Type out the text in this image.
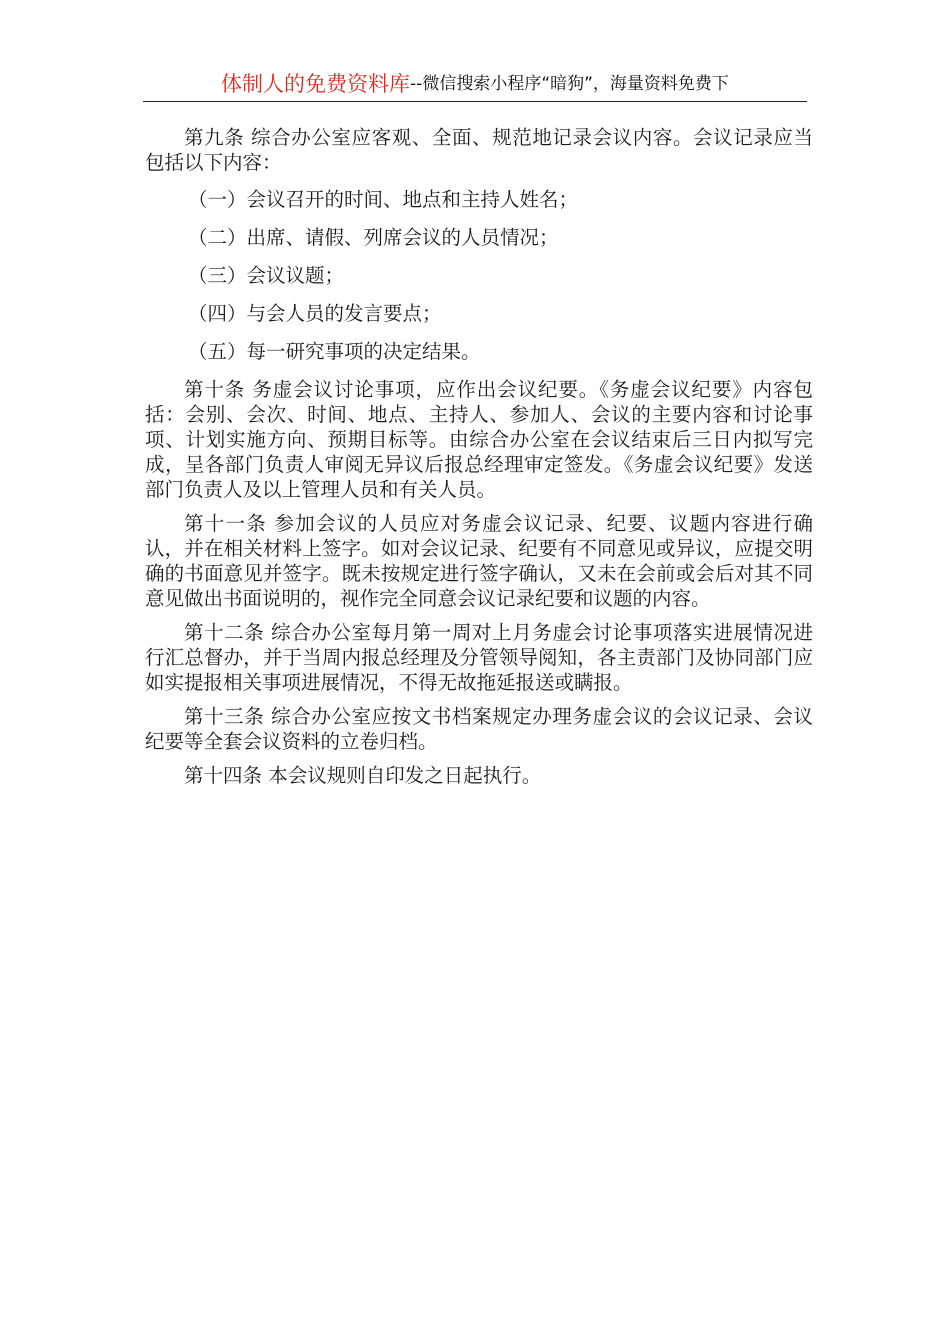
体制人的免费资料库--微信搜索小程序“暗狗”，海量资料免费下

第九条 综合办公室应客观、全面、规范地记录会议内容。会议记录应当包括以下内容：

（一）会议召开的时间、地点和主持人姓名；
（二）出席、请假、列席会议的人员情况；
（三）会议议题；
（四）与会人员的发言要点；
（五）每一研究事项的决定结果。

第十条 务虚会议讨论事项，应作出会议纪要。《务虚会议纪要》内容包括：会别、会次、时间、地点、主持人、参加人、会议的主要内容和讨论事项、计划实施方向、预期目标等。由综合办公室在会议结束后三日内拟写完成，呈各部门负责人审阅无异议后报总经理审定签发。《务虚会议纪要》发送部门负责人及以上管理人员和有关人员。

第十一条 参加会议的人员应对务虚会议记录、纪要、议题内容进行确认，并在相关材料上签字。如对会议记录、纪要有不同意见或异议，应提交明确的书面意见并签字。既未按规定进行签字确认，又未在会前或会后对其不同意见做出书面说明的，视作完全同意会议记录纪要和议题的内容。

第十二条 综合办公室每月第一周对上月务虚会讨论事项落实进展情况进行汇总督办，并于当周内报总经理及分管领导阅知，各主责部门及协同部门应如实提报相关事项进展情况，不得无故拖延报送或瞒报。

第十三条 综合办公室应按文书档案规定办理务虚会议的会议记录、会议纪要等全套会议资料的立卷归档。

第十四条 本会议规则自印发之日起执行。
